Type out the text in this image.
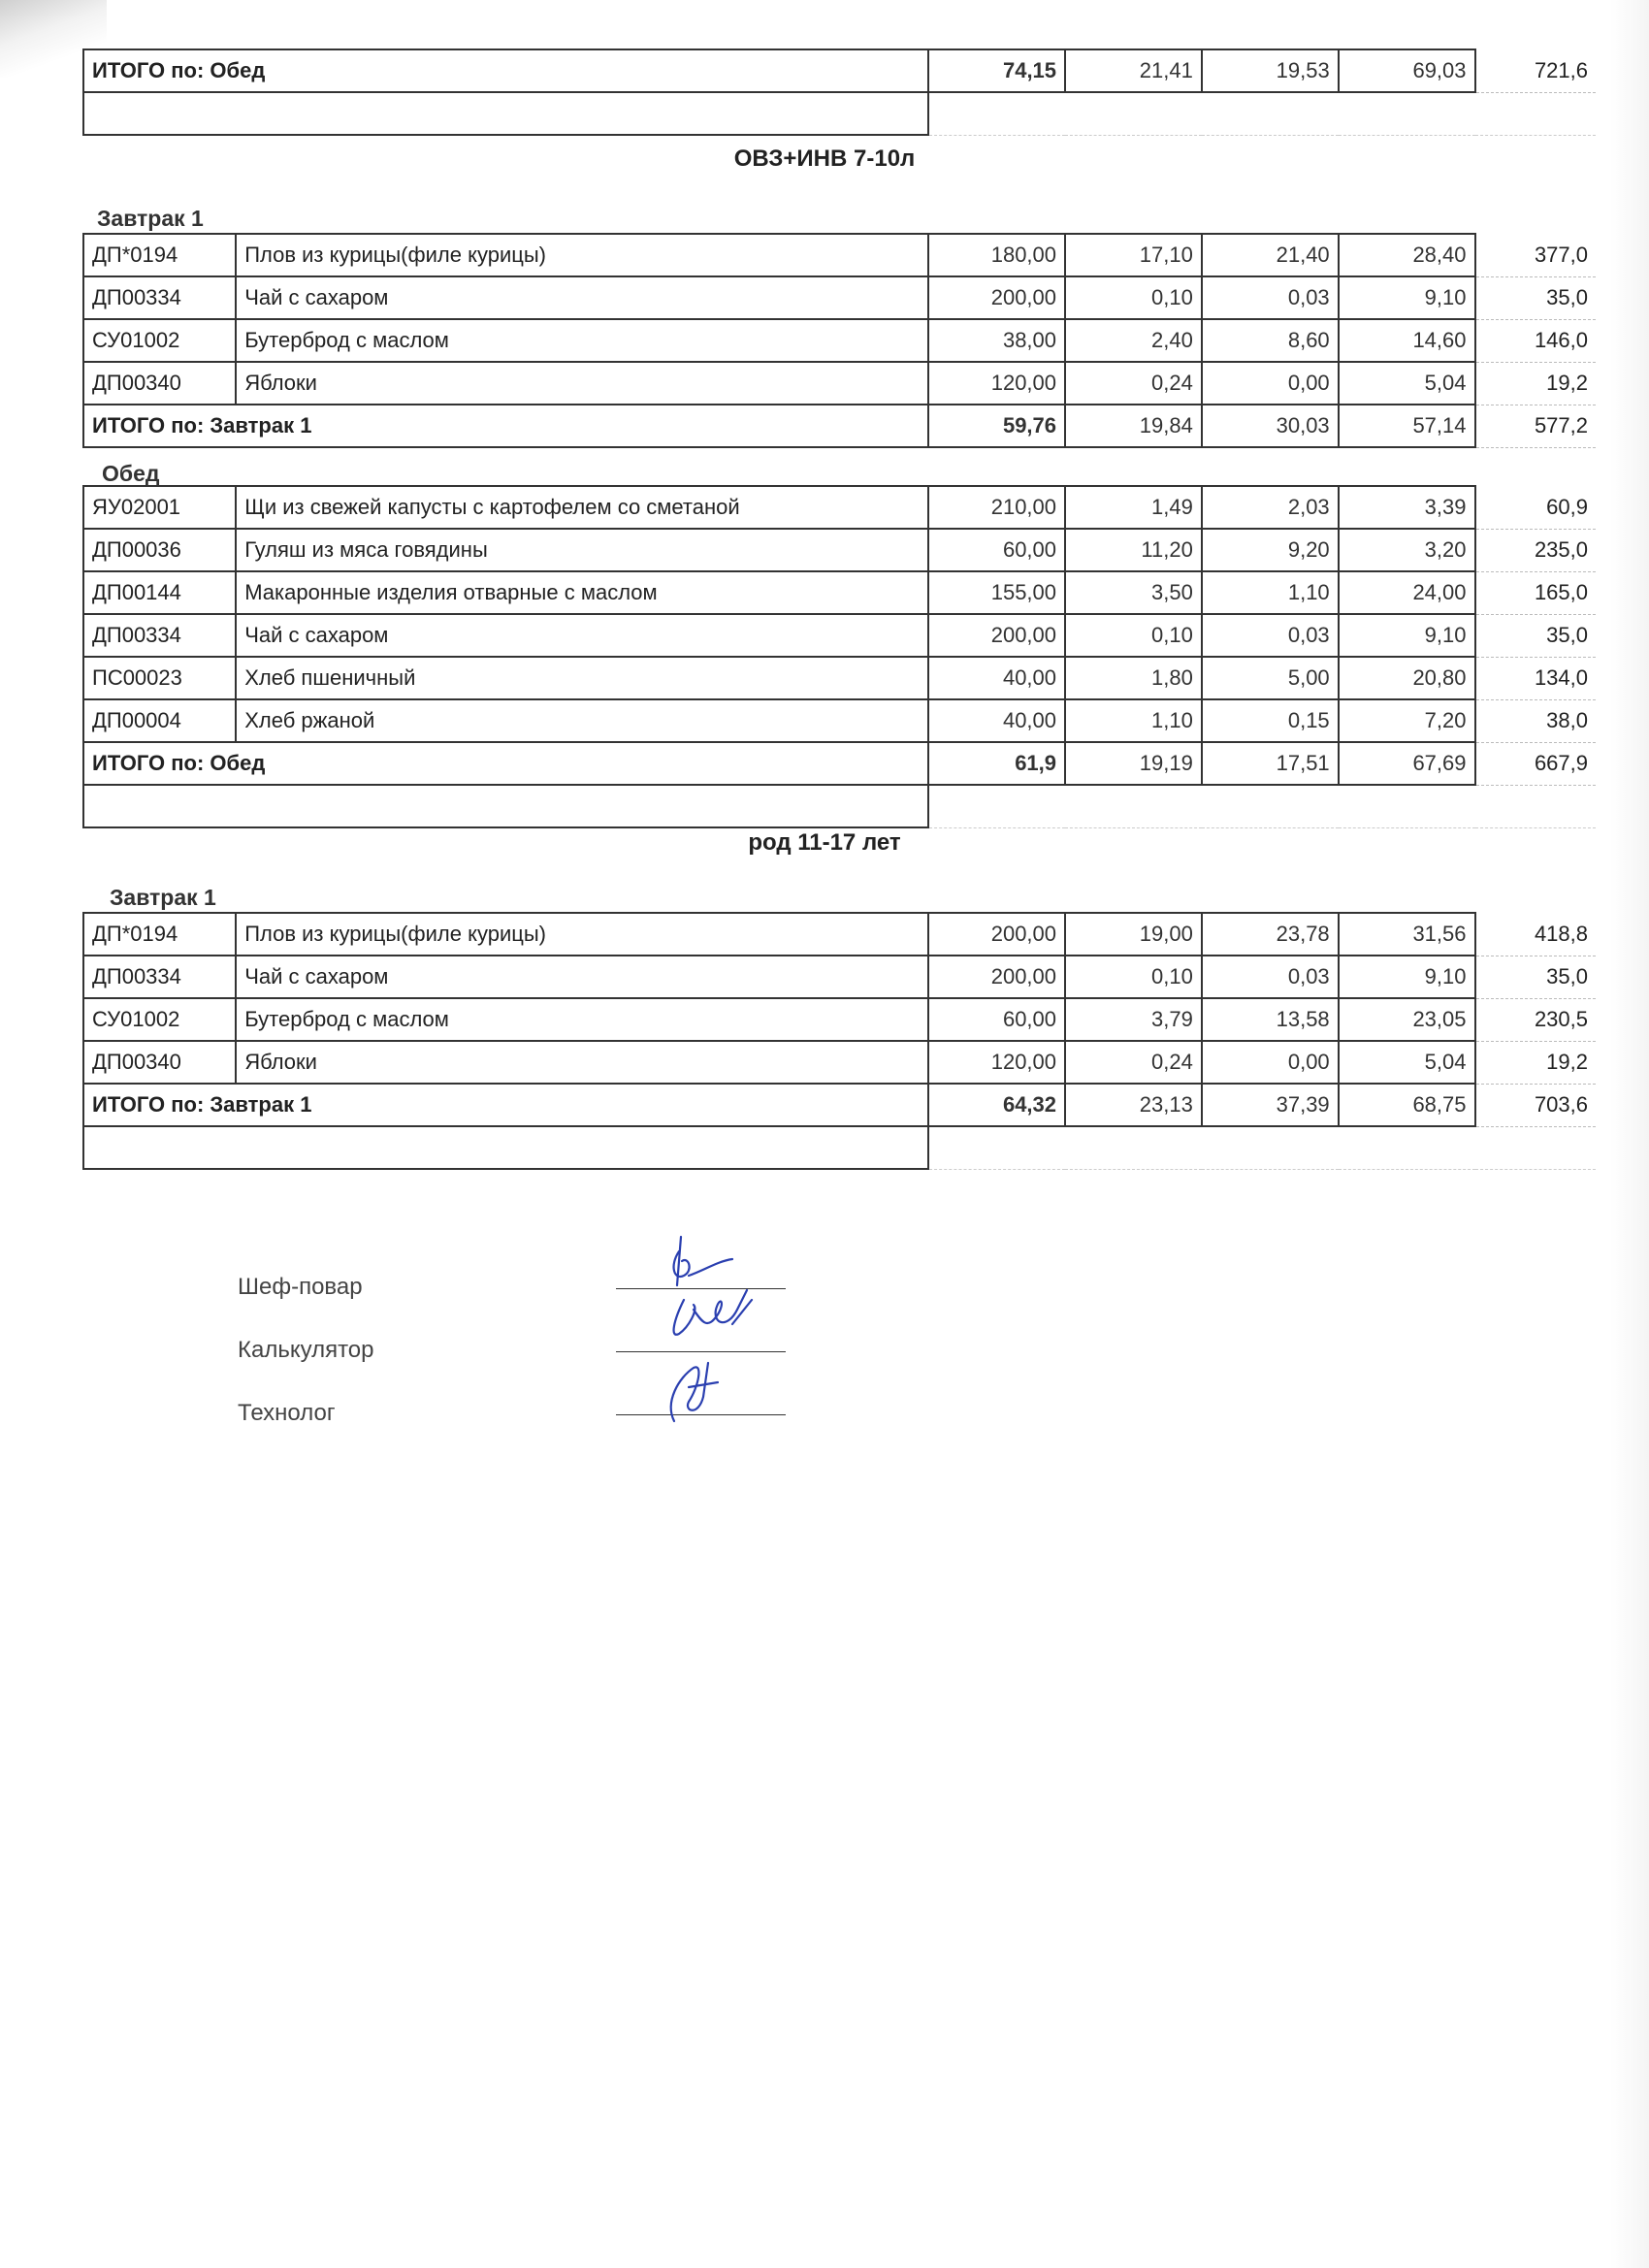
ИТОГО по: Обед	74,15	21,41	19,53	69,03	721,6

ОВЗ+ИНВ 7-10л
Завтрак 1
ДП*0194	Плов из курицы(филе курицы)	180,00	17,10	21,40	28,40	377,0
ДП00334	Чай с сахаром	200,00	0,10	0,03	9,10	35,0
СУ01002	Бутерброд с маслом	38,00	2,40	8,60	14,60	146,0
ДП00340	Яблоки	120,00	0,24	0,00	5,04	19,2
ИТОГО по: Завтрак 1		59,76	19,84	30,03	57,14	577,2
Обед
ЯУ02001	Щи из свежей капусты с картофелем со сметаной	210,00	1,49	2,03	3,39	60,9
ДП00036	Гуляш из мяса говядины	60,00	11,20	9,20	3,20	235,0
ДП00144	Макаронные изделия отварные с маслом	155,00	3,50	1,10	24,00	165,0
ДП00334	Чай с сахаром	200,00	0,10	0,03	9,10	35,0
ПС00023	Хлеб пшеничный	40,00	1,80	5,00	20,80	134,0
ДП00004	Хлеб ржаной	40,00	1,10	0,15	7,20	38,0
ИТОГО по: Обед		61,9	19,19	17,51	67,69	667,9

род 11-17 лет
Завтрак 1
ДП*0194	Плов из курицы(филе курицы)	200,00	19,00	23,78	31,56	418,8
ДП00334	Чай с сахаром	200,00	0,10	0,03	9,10	35,0
СУ01002	Бутерброд с маслом	60,00	3,79	13,58	23,05	230,5
ДП00340	Яблоки	120,00	0,24	0,00	5,04	19,2
ИТОГО по: Завтрак 1		64,32	23,13	37,39	68,75	703,6

Шеф-повар
Калькулятор
Технолог
